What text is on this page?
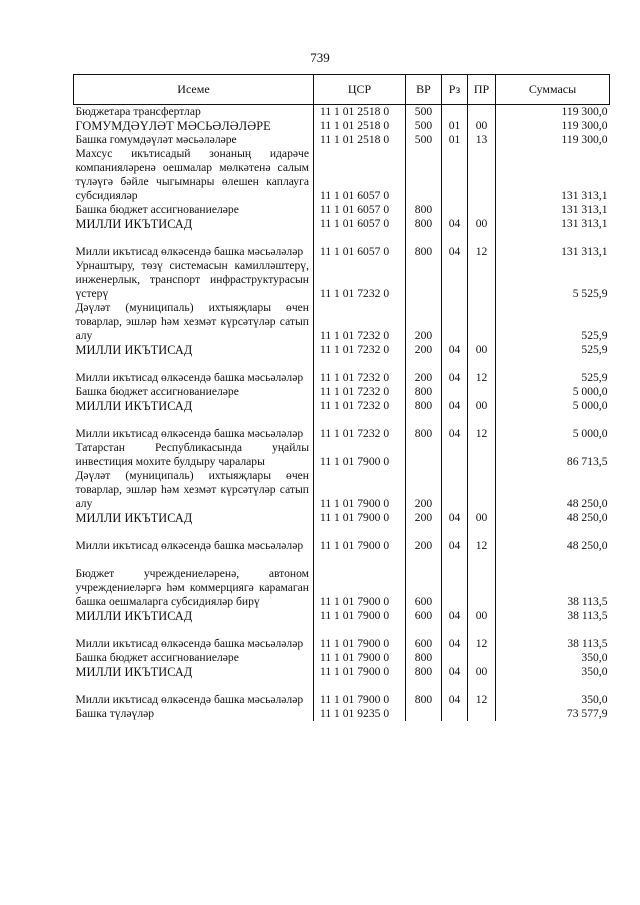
739
Исеме	ЦСР	ВР	Рз	ПР	Суммасы
Бюджетара трансфертлар	11 1 01 2518 0	500			119 300,0
ГОМУМДӘҮЛӘТ МӘСЬӘЛӘЛӘРЕ	11 1 01 2518 0	500	01	00	119 300,0
Башка гомумдәүләт мәсьәләләре	11 1 01 2518 0	500	01	13	119 300,0
Махсус икътисадый зонаның идарәче компанияләренә оешмалар мөлкәтенә салым түләүгә бәйле чыгымнары өлешен каплауга субсидияләр	11 1 01 6057 0				131 313,1
Башка бюджет ассигнованиеләре	11 1 01 6057 0	800			131 313,1
МИЛЛИ ИКЪТИСАД	11 1 01 6057 0	800	04	00	131 313,1
Милли икътисад өлкәсендә башка мәсьәләләр	11 1 01 6057 0	800	04	12	131 313,1
Урнаштыру, төзү системасын камилләштерү, инженерлык, транспорт инфраструктурасын үстерү	11 1 01 7232 0				5 525,9
Дәүләт (муниципаль) ихтыяҗлары өчен товарлар, эшләр һәм хезмәт күрсәтүләр сатып алу	11 1 01 7232 0	200			525,9
МИЛЛИ ИКЪТИСАД	11 1 01 7232 0	200	04	00	525,9
Милли икътисад өлкәсендә башка мәсьәләләр	11 1 01 7232 0	200	04	12	525,9
Башка бюджет ассигнованиеләре	11 1 01 7232 0	800			5 000,0
МИЛЛИ ИКЪТИСАД	11 1 01 7232 0	800	04	00	5 000,0
Милли икътисад өлкәсендә башка мәсьәләләр	11 1 01 7232 0	800	04	12	5 000,0
Татарстан Республикасында уңайлы инвестиция мохите булдыру чаралары	11 1 01 7900 0				86 713,5
Дәүләт (муниципаль) ихтыяҗлары өчен товарлар, эшләр һәм хезмәт күрсәтүләр сатып алу	11 1 01 7900 0	200			48 250,0
МИЛЛИ ИКЪТИСАД	11 1 01 7900 0	200	04	00	48 250,0
Милли икътисад өлкәсендә башка мәсьәләләр	11 1 01 7900 0	200	04	12	48 250,0
Бюджет учреждениеләренә, автоном учреждениеләргә һәм коммерциягә карамаган башка оешмаларга субсидияләр бирү	11 1 01 7900 0	600			38 113,5
МИЛЛИ ИКЪТИСАД	11 1 01 7900 0	600	04	00	38 113,5
Милли икътисад өлкәсендә башка мәсьәләләр	11 1 01 7900 0	600	04	12	38 113,5
Башка бюджет ассигнованиеләре	11 1 01 7900 0	800			350,0
МИЛЛИ ИКЪТИСАД	11 1 01 7900 0	800	04	00	350,0
Милли икътисад өлкәсендә башка мәсьәләләр	11 1 01 7900 0	800	04	12	350,0
Башка түләүләр	11 1 01 9235 0				73 577,9
